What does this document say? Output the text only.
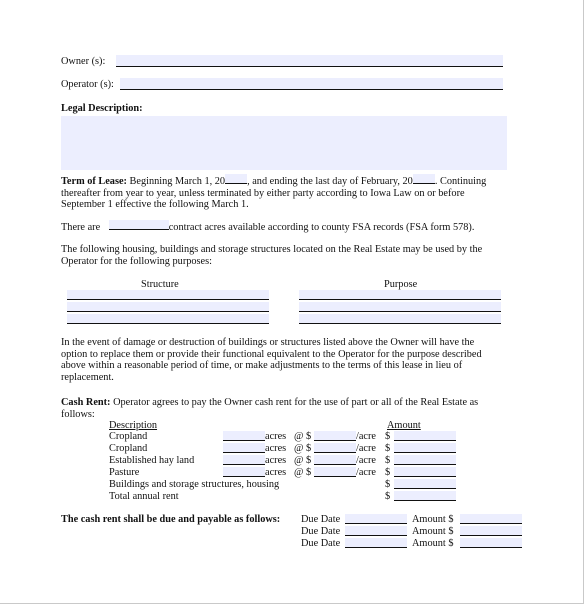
Owner (s):
Operator (s):
Legal Description:
Term of Lease: Beginning March 1, 20 , and ending the last day of February, 20 . Continuing
thereafter from year to year, unless terminated by either party according to Iowa Law on or before
September 1 effective the following March 1.
There are	contract acres available according to county FSA records (FSA form 578).
The following housing, buildings and storage structures located on the Real Estate may be used by the
Operator for the following purposes:
Structure	Purpose
In the event of damage or destruction of buildings or structures listed above the Owner will have the
option to replace them or provide their functional equivalent to the Operator for the purpose described
above within a reasonable period of time, or make adjustments to the terms of this lease in lieu of
replacement.
Cash Rent: Operator agrees to pay the Owner cash rent for the use of part or all of the Real Estate as
follows:
Description	Amount
Cropland	acres @ $	/acre $
Cropland	acres @ $	/acre $
Established hay land	acres @ $	/acre $
Pasture	acres @ $	/acre $
Buildings and storage structures, housing	$
Total annual rent	$
The cash rent shall be due and payable as follows: Due Date	Amount $
Due Date	Amount $
Due Date	Amount $
